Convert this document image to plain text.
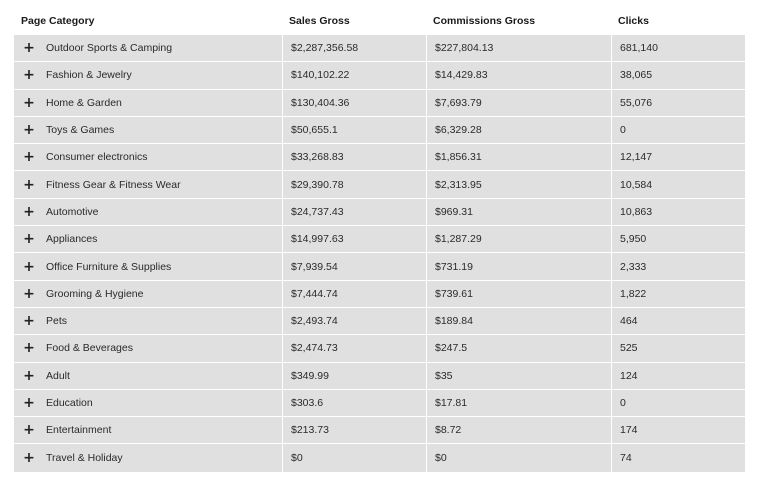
Page Category	Sales Gross	Commissions Gross	Clicks
+ Outdoor Sports & Camping	$2,287,356.58	$227,804.13	681,140
+ Fashion & Jewelry	$140,102.22	$14,429.83	38,065
+ Home & Garden	$130,404.36	$7,693.79	55,076
+ Toys & Games	$50,655.1	$6,329.28	0
+ Consumer electronics	$33,268.83	$1,856.31	12,147
+ Fitness Gear & Fitness Wear	$29,390.78	$2,313.95	10,584
+ Automotive	$24,737.43	$969.31	10,863
+ Appliances	$14,997.63	$1,287.29	5,950
+ Office Furniture & Supplies	$7,939.54	$731.19	2,333
+ Grooming & Hygiene	$7,444.74	$739.61	1,822
+ Pets	$2,493.74	$189.84	464
+ Food & Beverages	$2,474.73	$247.5	525
+ Adult	$349.99	$35	124
+ Education	$303.6	$17.81	0
+ Entertainment	$213.73	$8.72	174
+ Travel & Holiday	$0	$0	74
